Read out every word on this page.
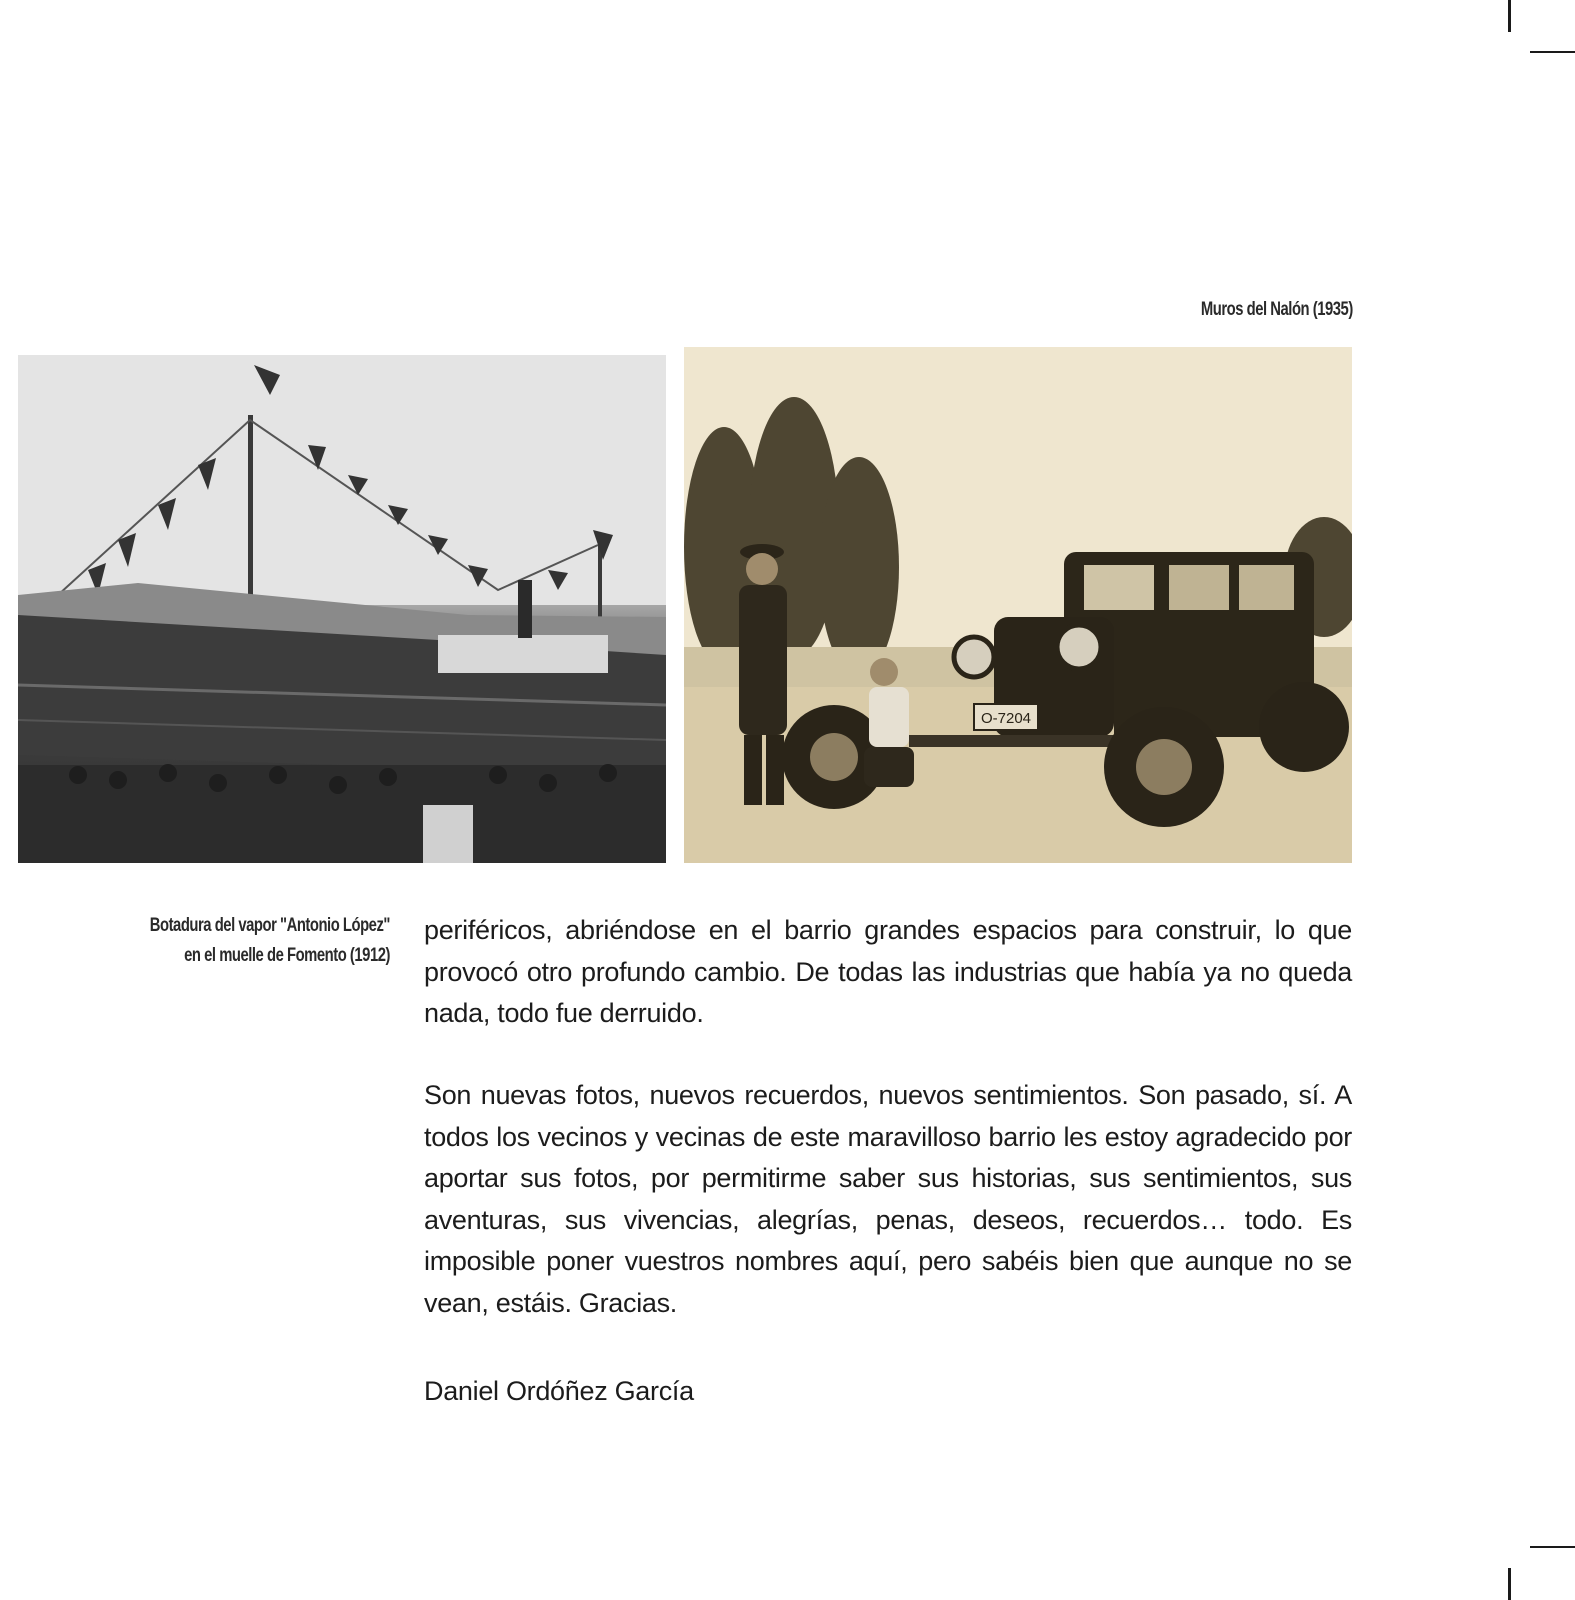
Muros del Nalón (1935)
O-7204
Botadura del vapor "Antonio López"
en el muelle de Fomento (1912)

periféricos, abriéndose en el barrio grandes espacios para construir, lo que provocó otro profundo cambio. De todas las industrias que había ya no queda nada, todo fue derruido.

Son nuevas fotos, nuevos recuerdos, nuevos sentimientos. Son pasado, sí. A todos los vecinos y vecinas de este maravilloso barrio les estoy agradecido por aportar sus fotos, por permitirme saber sus historias, sus sentimientos, sus aventuras, sus vivencias, alegrías, penas, deseos, recuerdos… todo. Es imposible poner vuestros nombres aquí, pero sabéis bien que aunque no se vean, estáis. Gracias.

Daniel Ordóñez García
